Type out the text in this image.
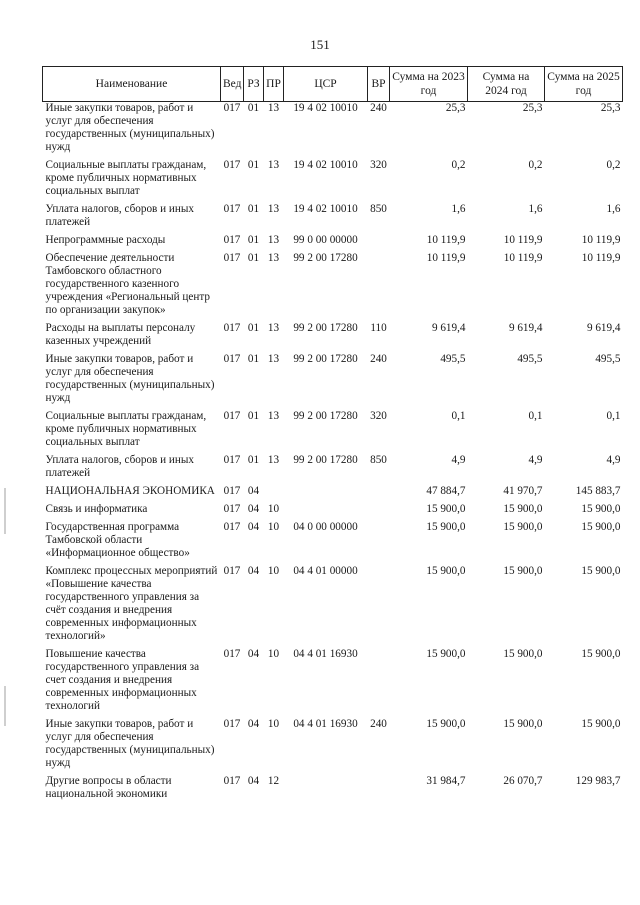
151
Наименование	Вед	РЗ	ПР	ЦСР	ВР	Сумма на 2023 год	Сумма на 2024 год	Сумма на 2025 год
Иные закупки товаров, работ и услуг для обеспечения государственных (муниципальных) нужд	017	01	13	19 4 02 10010	240	25,3	25,3	25,3
Социальные выплаты гражданам, кроме публичных нормативных социальных выплат	017	01	13	19 4 02 10010	320	0,2	0,2	0,2
Уплата налогов, сборов и иных платежей	017	01	13	19 4 02 10010	850	1,6	1,6	1,6
Непрограммные расходы	017	01	13	99 0 00 00000		10 119,9	10 119,9	10 119,9
Обеспечение деятельности Тамбовского областного государственного казенного учреждения «Региональный центр по организации закупок»	017	01	13	99 2 00 17280		10 119,9	10 119,9	10 119,9
Расходы на выплаты персоналу казенных учреждений	017	01	13	99 2 00 17280	110	9 619,4	9 619,4	9 619,4
Иные закупки товаров, работ и услуг для обеспечения государственных (муниципальных) нужд	017	01	13	99 2 00 17280	240	495,5	495,5	495,5
Социальные выплаты гражданам, кроме публичных нормативных социальных выплат	017	01	13	99 2 00 17280	320	0,1	0,1	0,1
Уплата налогов, сборов и иных платежей	017	01	13	99 2 00 17280	850	4,9	4,9	4,9
НАЦИОНАЛЬНАЯ ЭКОНОМИКА	017	04				47 884,7	41 970,7	145 883,7
Связь и информатика	017	04	10			15 900,0	15 900,0	15 900,0
Государственная программа Тамбовской области «Информационное общество»	017	04	10	04 0 00 00000		15 900,0	15 900,0	15 900,0
Комплекс процессных мероприятий «Повышение качества государственного управления за счёт создания и внедрения современных информационных технологий»	017	04	10	04 4 01 00000		15 900,0	15 900,0	15 900,0
Повышение качества государственного управления за счет создания и внедрения современных информационных технологий	017	04	10	04 4 01 16930		15 900,0	15 900,0	15 900,0
Иные закупки товаров, работ и услуг для обеспечения государственных (муниципальных) нужд	017	04	10	04 4 01 16930	240	15 900,0	15 900,0	15 900,0
Другие вопросы в области национальной экономики	017	04	12			31 984,7	26 070,7	129 983,7
